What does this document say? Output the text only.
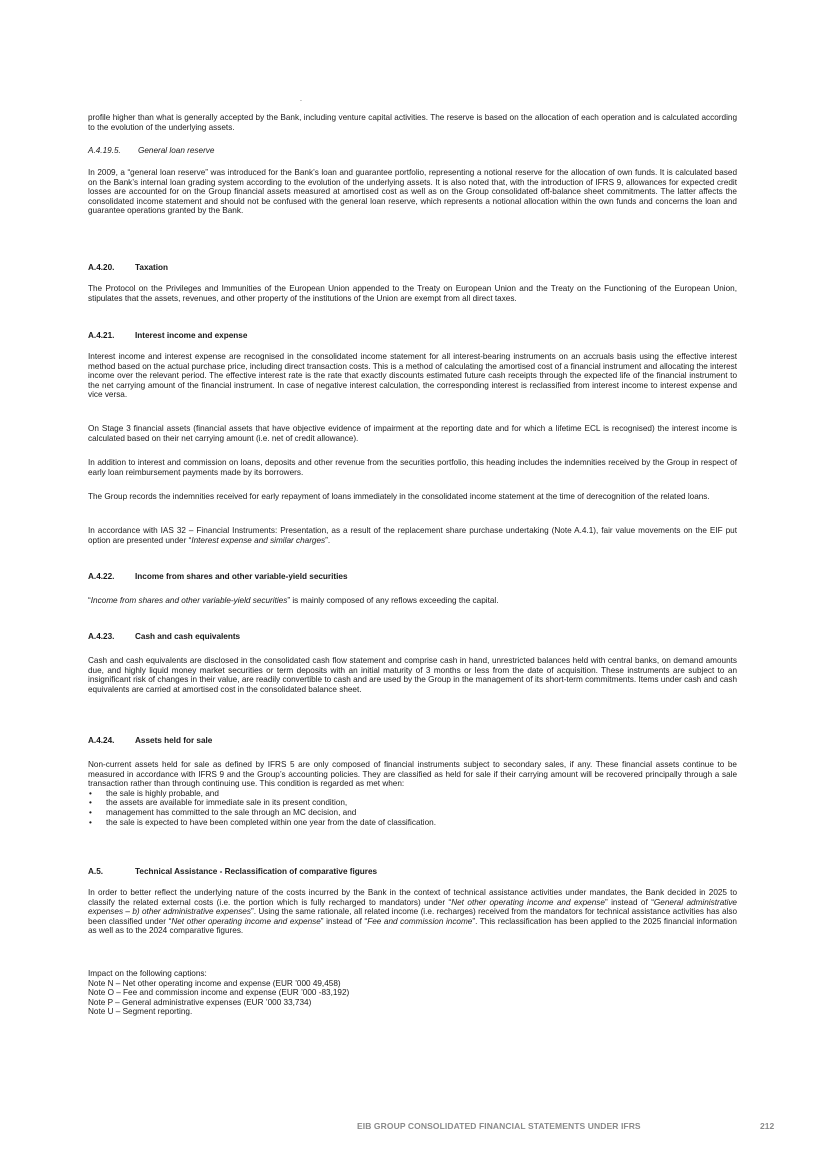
.

profile higher than what is generally accepted by the Bank, including venture capital activities. The reserve is based on the allocation of each operation and is calculated according to the evolution of the underlying assets.

A.4.19.5. General loan reserve

In 2009, a “general loan reserve” was introduced for the Bank’s loan and guarantee portfolio, representing a notional reserve for the allocation of own funds. It is calculated based on the Bank’s internal loan grading system according to the evolution of the underlying assets. It is also noted that, with the introduction of IFRS 9, allowances for expected credit losses are accounted for on the Group financial assets measured at amortised cost as well as on the Group consolidated off-balance sheet commitments. The latter affects the consolidated income statement and should not be confused with the general loan reserve, which represents a notional allocation within the own funds and concerns the loan and guarantee operations granted by the Bank.

A.4.20.	Taxation

The Protocol on the Privileges and Immunities of the European Union appended to the Treaty on European Union and the Treaty on the Functioning of the European Union, stipulates that the assets, revenues, and other property of the institutions of the Union are exempt from all direct taxes.

A.4.21.	Interest income and expense

Interest income and interest expense are recognised in the consolidated income statement for all interest-bearing instruments on an accruals basis using the effective interest method based on the actual purchase price, including direct transaction costs. This is a method of calculating the amortised cost of a financial instrument and allocating the interest income over the relevant period. The effective interest rate is the rate that exactly discounts estimated future cash receipts through the expected life of the financial instrument to the net carrying amount of the financial instrument. In case of negative interest calculation, the corresponding interest is reclassified from interest income to interest expense and vice versa.

On Stage 3 financial assets (financial assets that have objective evidence of impairment at the reporting date and for which a lifetime ECL is recognised) the interest income is calculated based on their net carrying amount (i.e. net of credit allowance).

In addition to interest and commission on loans, deposits and other revenue from the securities portfolio, this heading includes the indemnities received by the Group in respect of early loan reimbursement payments made by its borrowers.

The Group records the indemnities received for early repayment of loans immediately in the consolidated income statement at the time of derecognition of the related loans.

In accordance with IAS 32 – Financial Instruments: Presentation, as a result of the replacement share purchase undertaking (Note A.4.1), fair value movements on the EIF put option are presented under “Interest expense and similar charges”.

A.4.22.	Income from shares and other variable-yield securities

“Income from shares and other variable-yield securities” is mainly composed of any reflows exceeding the capital.

A.4.23.	Cash and cash equivalents

Cash and cash equivalents are disclosed in the consolidated cash flow statement and comprise cash in hand, unrestricted balances held with central banks, on demand amounts due, and highly liquid money market securities or term deposits with an initial maturity of 3 months or less from the date of acquisition. These instruments are subject to an insignificant risk of changes in their value, are readily convertible to cash and are used by the Group in the management of its short-term commitments. Items under cash and cash equivalents are carried at amortised cost in the consolidated balance sheet.

A.4.24.	Assets held for sale

Non-current assets held for sale as defined by IFRS 5 are only composed of financial instruments subject to secondary sales, if any. These financial assets continue to be measured in accordance with IFRS 9 and the Group’s accounting policies. They are classified as held for sale if their carrying amount will be recovered principally through a sale transaction rather than through continuing use. This condition is regarded as met when:

• the sale is highly probable, and
• the assets are available for immediate sale in its present condition,
• management has committed to the sale through an MC decision, and
• the sale is expected to have been completed within one year from the date of classification.
A.5.	Technical Assistance - Reclassification of comparative figures

In order to better reflect the underlying nature of the costs incurred by the Bank in the context of technical assistance activities under mandates, the Bank decided in 2025 to classify the related external costs (i.e. the portion which is fully recharged to mandators) under “Net other operating income and expense” instead of “General administrative expenses – b) other administrative expenses”. Using the same rationale, all related income (i.e. recharges) received from the mandators for technical assistance activities has also been classified under “Net other operating income and expense” instead of “Fee and commission income”. This reclassification has been applied to the 2025 financial information as well as to the 2024 comparative figures.

Impact on the following captions:

Note N – Net other operating income and expense (EUR ’000 49,458)

Note O – Fee and commission income and expense (EUR ’000 -83,192)

Note P – General administrative expenses (EUR ’000 33,734)

Note U – Segment reporting.

EIB GROUP CONSOLIDATED FINANCIAL STATEMENTS UNDER IFRS	212
